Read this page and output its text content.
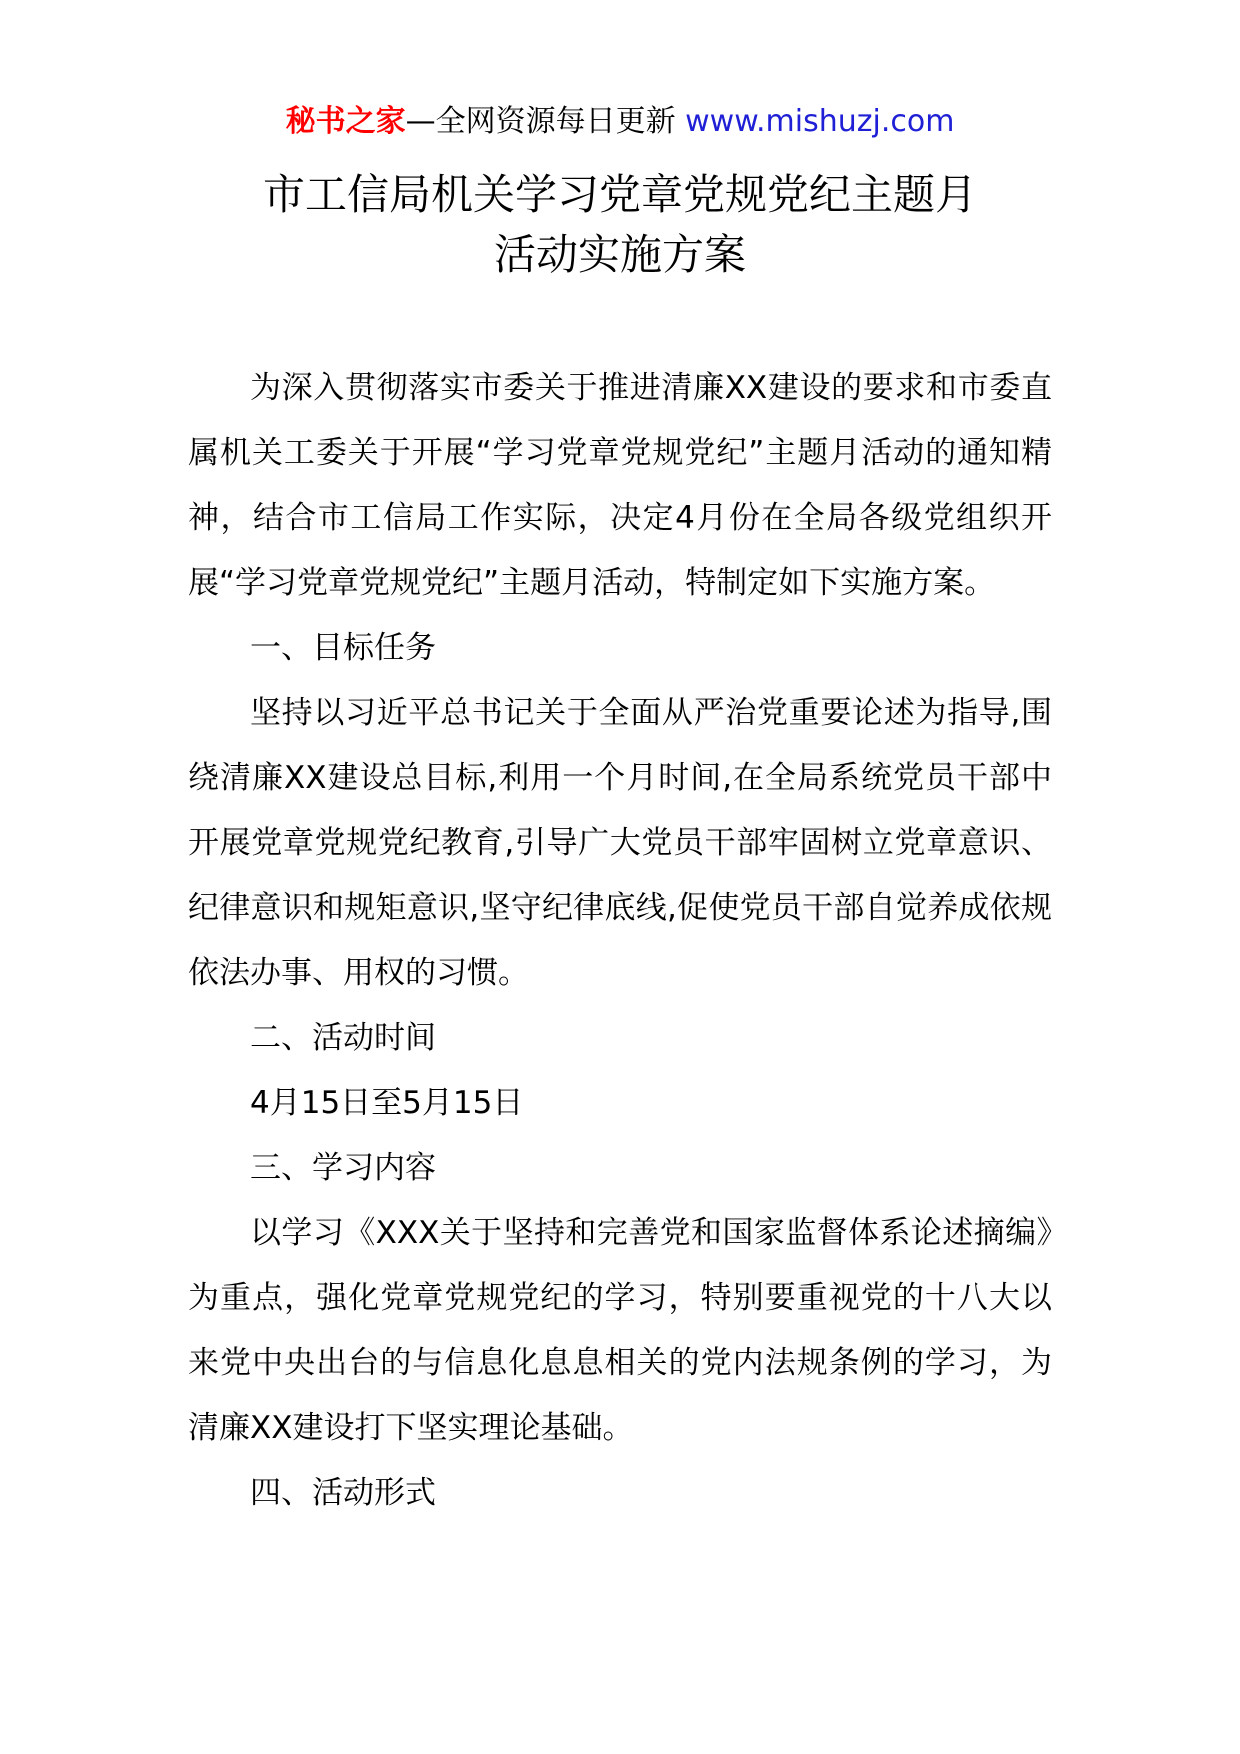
秘书之家—全网资源每日更新 www.mishuzj.com
市工信局机关学习党章党规党纪主题月
活动实施方案

为深入贯彻落实市委关于推进清廉XX建设的要求和市委直属机关工委关于开展“学习党章党规党纪”主题月活动的通知精神，结合市工信局工作实际，决定4月份在全局各级党组织开展“学习党章党规党纪”主题月活动，特制定如下实施方案。

一、目标任务

坚持以习近平总书记关于全面从严治党重要论述为指导,围绕清廉XX建设总目标,利用一个月时间,在全局系统党员干部中开展党章党规党纪教育,引导广大党员干部牢固树立党章意识、纪律意识和规矩意识,坚守纪律底线,促使党员干部自觉养成依规依法办事、用权的习惯。

二、活动时间

4月15日至5月15日

三、学习内容

以学习《XXX关于坚持和完善党和国家监督体系论述摘编》为重点，强化党章党规党纪的学习，特别要重视党的十八大以来党中央出台的与信息化息息相关的党内法规条例的学习，为清廉XX建设打下坚实理论基础。

四、活动形式
